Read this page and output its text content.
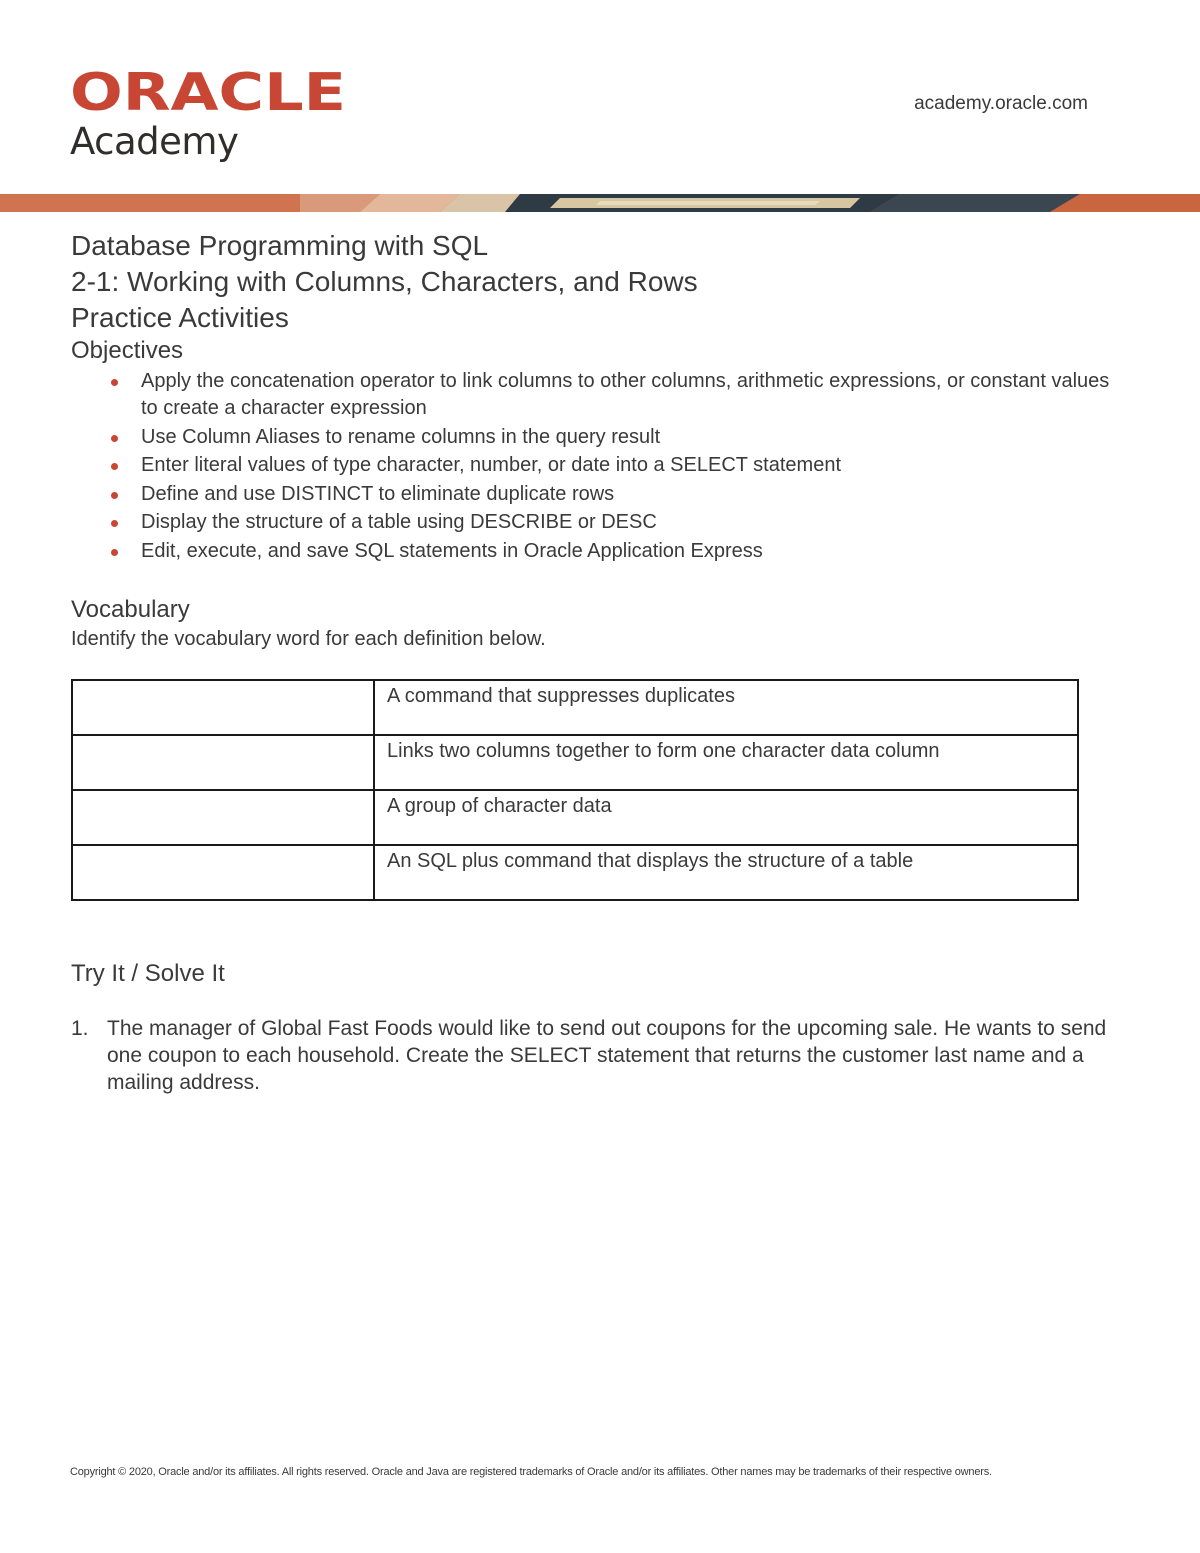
ORACLE
Academy
academy.oracle.com
Database Programming with SQL
2-1: Working with Columns, Characters, and Rows
Practice Activities
Objectives
Apply the concatenation operator to link columns to other columns, arithmetic expressions, or constant values to create a character expression
Use Column Aliases to rename columns in the query result
Enter literal values of type character, number, or date into a SELECT statement
Define and use DISTINCT to eliminate duplicate rows
Display the structure of a table using DESCRIBE or DESC
Edit, execute, and save SQL statements in Oracle Application Express
Vocabulary

Identify the vocabulary word for each definition below.

	A command that suppresses duplicates
	Links two columns together to form one character data column
	A group of character data
	An SQL plus command that displays the structure of a table
Try It / Solve It
1. The manager of Global Fast Foods would like to send out coupons for the upcoming sale. He wants to send one coupon to each household. Create the SELECT statement that returns the customer last name and a mailing address.
Copyright © 2020, Oracle and/or its affiliates. All rights reserved. Oracle and Java are registered trademarks of Oracle and/or its affiliates. Other names may be trademarks of their respective owners.
